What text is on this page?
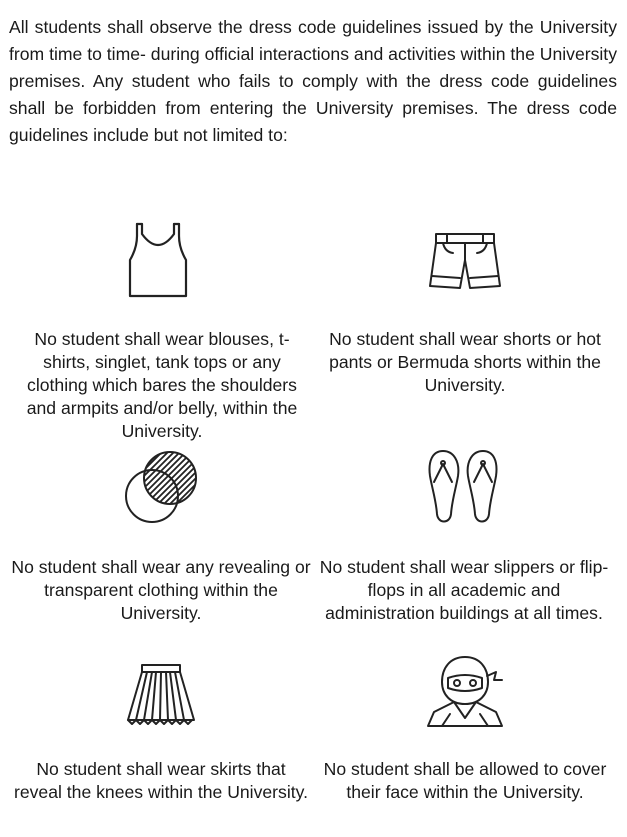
All students shall observe the dress code guidelines issued by the University from time to time- during official interactions and activities within the University premises. Any student who fails to comply with the dress code guidelines shall be forbidden from entering the University premises. The dress code guidelines include but not limited to:

No student shall wear blouses, t-shirts, singlet, tank tops or any clothing which bares the shoulders and armpits and/or belly, within the University.

No student shall wear shorts or hot pants or Bermuda shorts within the University.

No student shall wear any revealing or transparent clothing within the University.

No student shall wear slippers or flip-flops in all academic and administration buildings at all times.

No student shall wear skirts that reveal the knees within the University.

No student shall be allowed to cover their face within the University.
